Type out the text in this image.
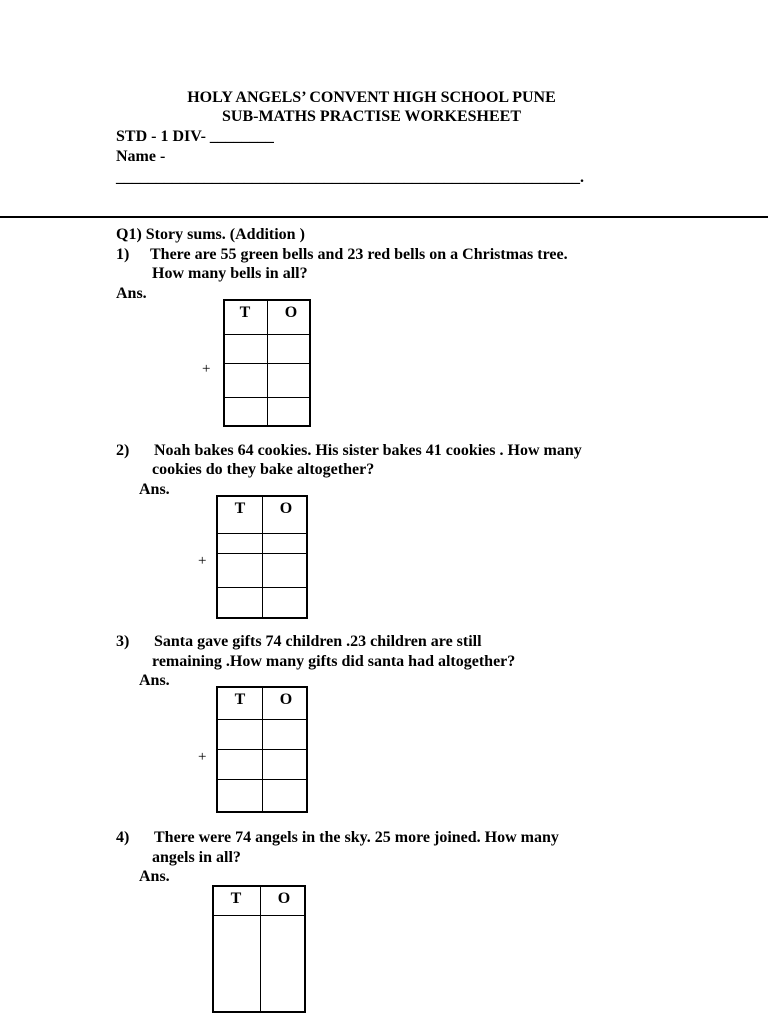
HOLY ANGELS’ CONVENT HIGH SCHOOL PUNE
SUB-MATHS PRACTISE WORKESHEET
STD - 1 DIV- ________
Name -
__________________________________________________________.
Q1) Story sums. (Addition )
1) There are 55 green bells and 23 red bells on a Christmas tree.
How many bells in all?
Ans.
+
T	O
2) Noah bakes 64 cookies. His sister bakes 41 cookies . How many
cookies do they bake altogether?
Ans.
+
T	O
3) Santa gave gifts 74 children .23 children are still
remaining .How many gifts did santa had altogether?
Ans.
+
T	O
4) There were 74 angels in the sky. 25 more joined. How many
angels in all?
Ans.
T	O
